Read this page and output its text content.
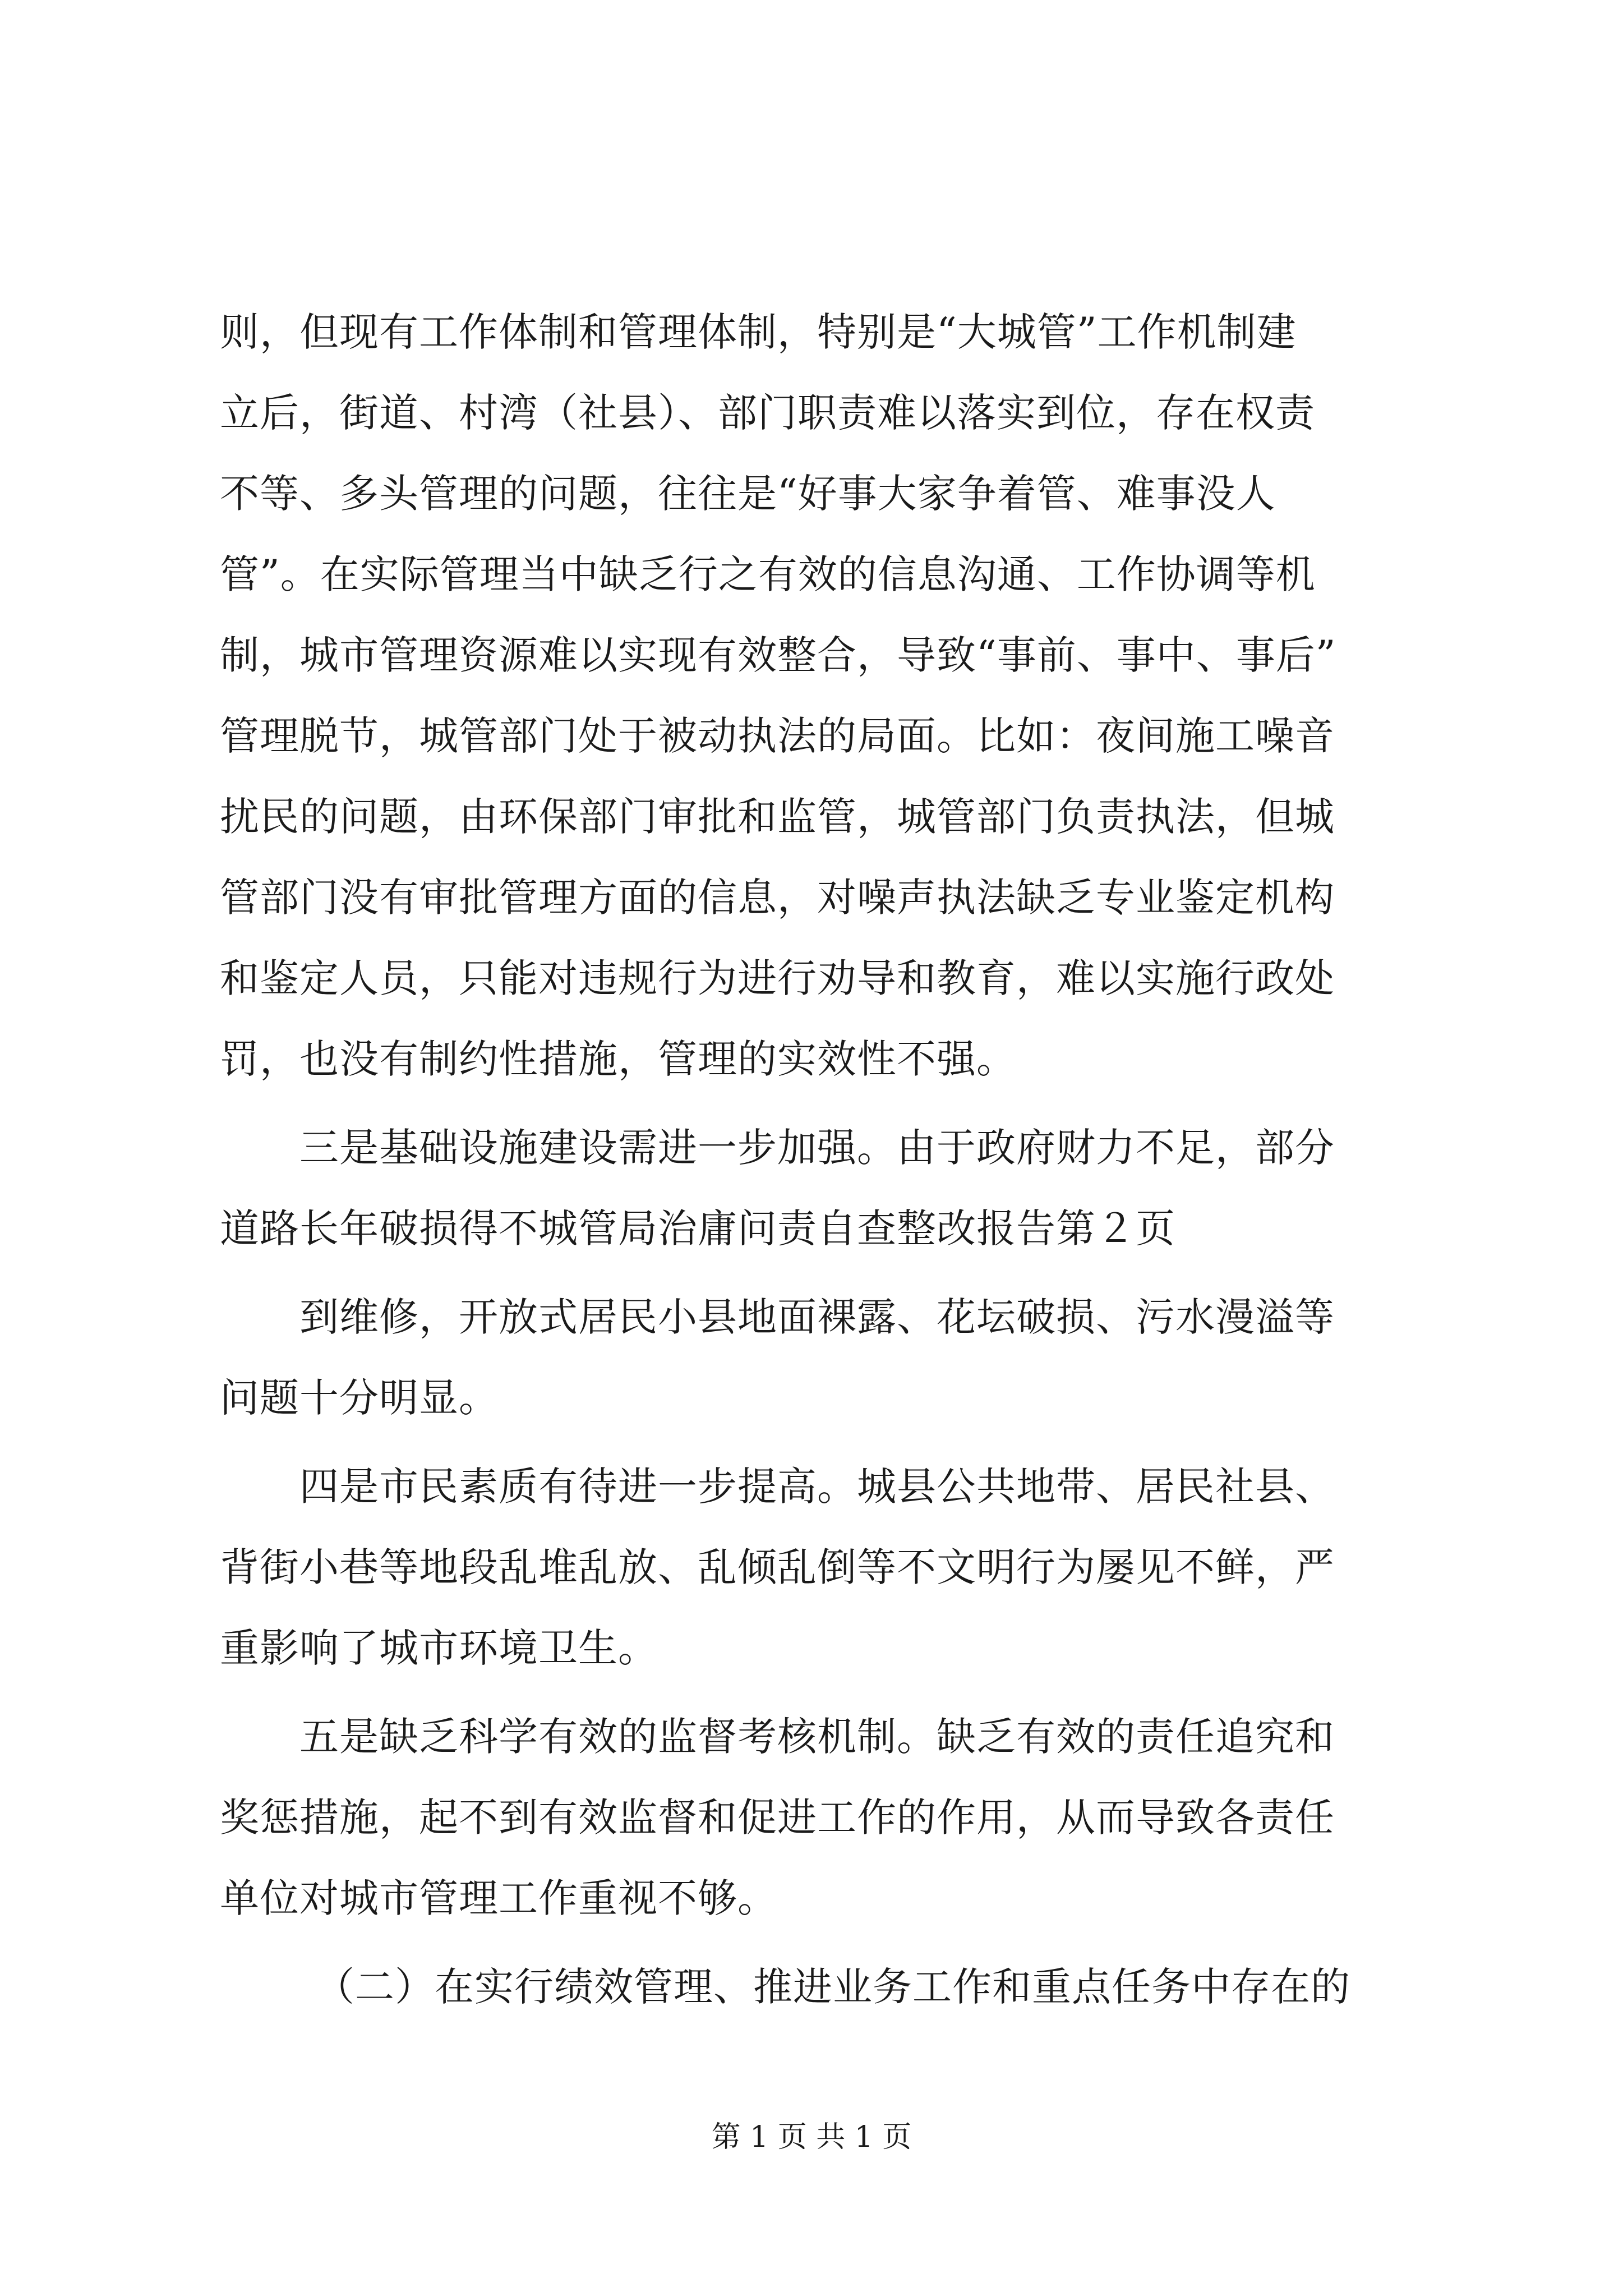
则，但现有工作体制和管理体制，特别是“大城管”工作机制建
立后，街道、村湾（社县）、部门职责难以落实到位，存在权责
不等、多头管理的问题，往往是“好事大家争着管、难事没人
管”。在实际管理当中缺乏行之有效的信息沟通、工作协调等机
制，城市管理资源难以实现有效整合，导致“事前、事中、事后”
管理脱节，城管部门处于被动执法的局面。比如：夜间施工噪音
扰民的问题，由环保部门审批和监管，城管部门负责执法，但城
管部门没有审批管理方面的信息，对噪声执法缺乏专业鉴定机构
和鉴定人员，只能对违规行为进行劝导和教育，难以实施行政处
罚，也没有制约性措施，管理的实效性不强。
三是基础设施建设需进一步加强。由于政府财力不足，部分
道路长年破损得不城管局治庸问责自查整改报告第２页
到维修，开放式居民小县地面裸露、花坛破损、污水漫溢等
问题十分明显。
四是市民素质有待进一步提高。城县公共地带、居民社县、
背街小巷等地段乱堆乱放、乱倾乱倒等不文明行为屡见不鲜，严
重影响了城市环境卫生。
五是缺乏科学有效的监督考核机制。缺乏有效的责任追究和
奖惩措施，起不到有效监督和促进工作的作用，从而导致各责任
单位对城市管理工作重视不够。
（二）在实行绩效管理、推进业务工作和重点任务中存在的
第 1 页 共 1 页
